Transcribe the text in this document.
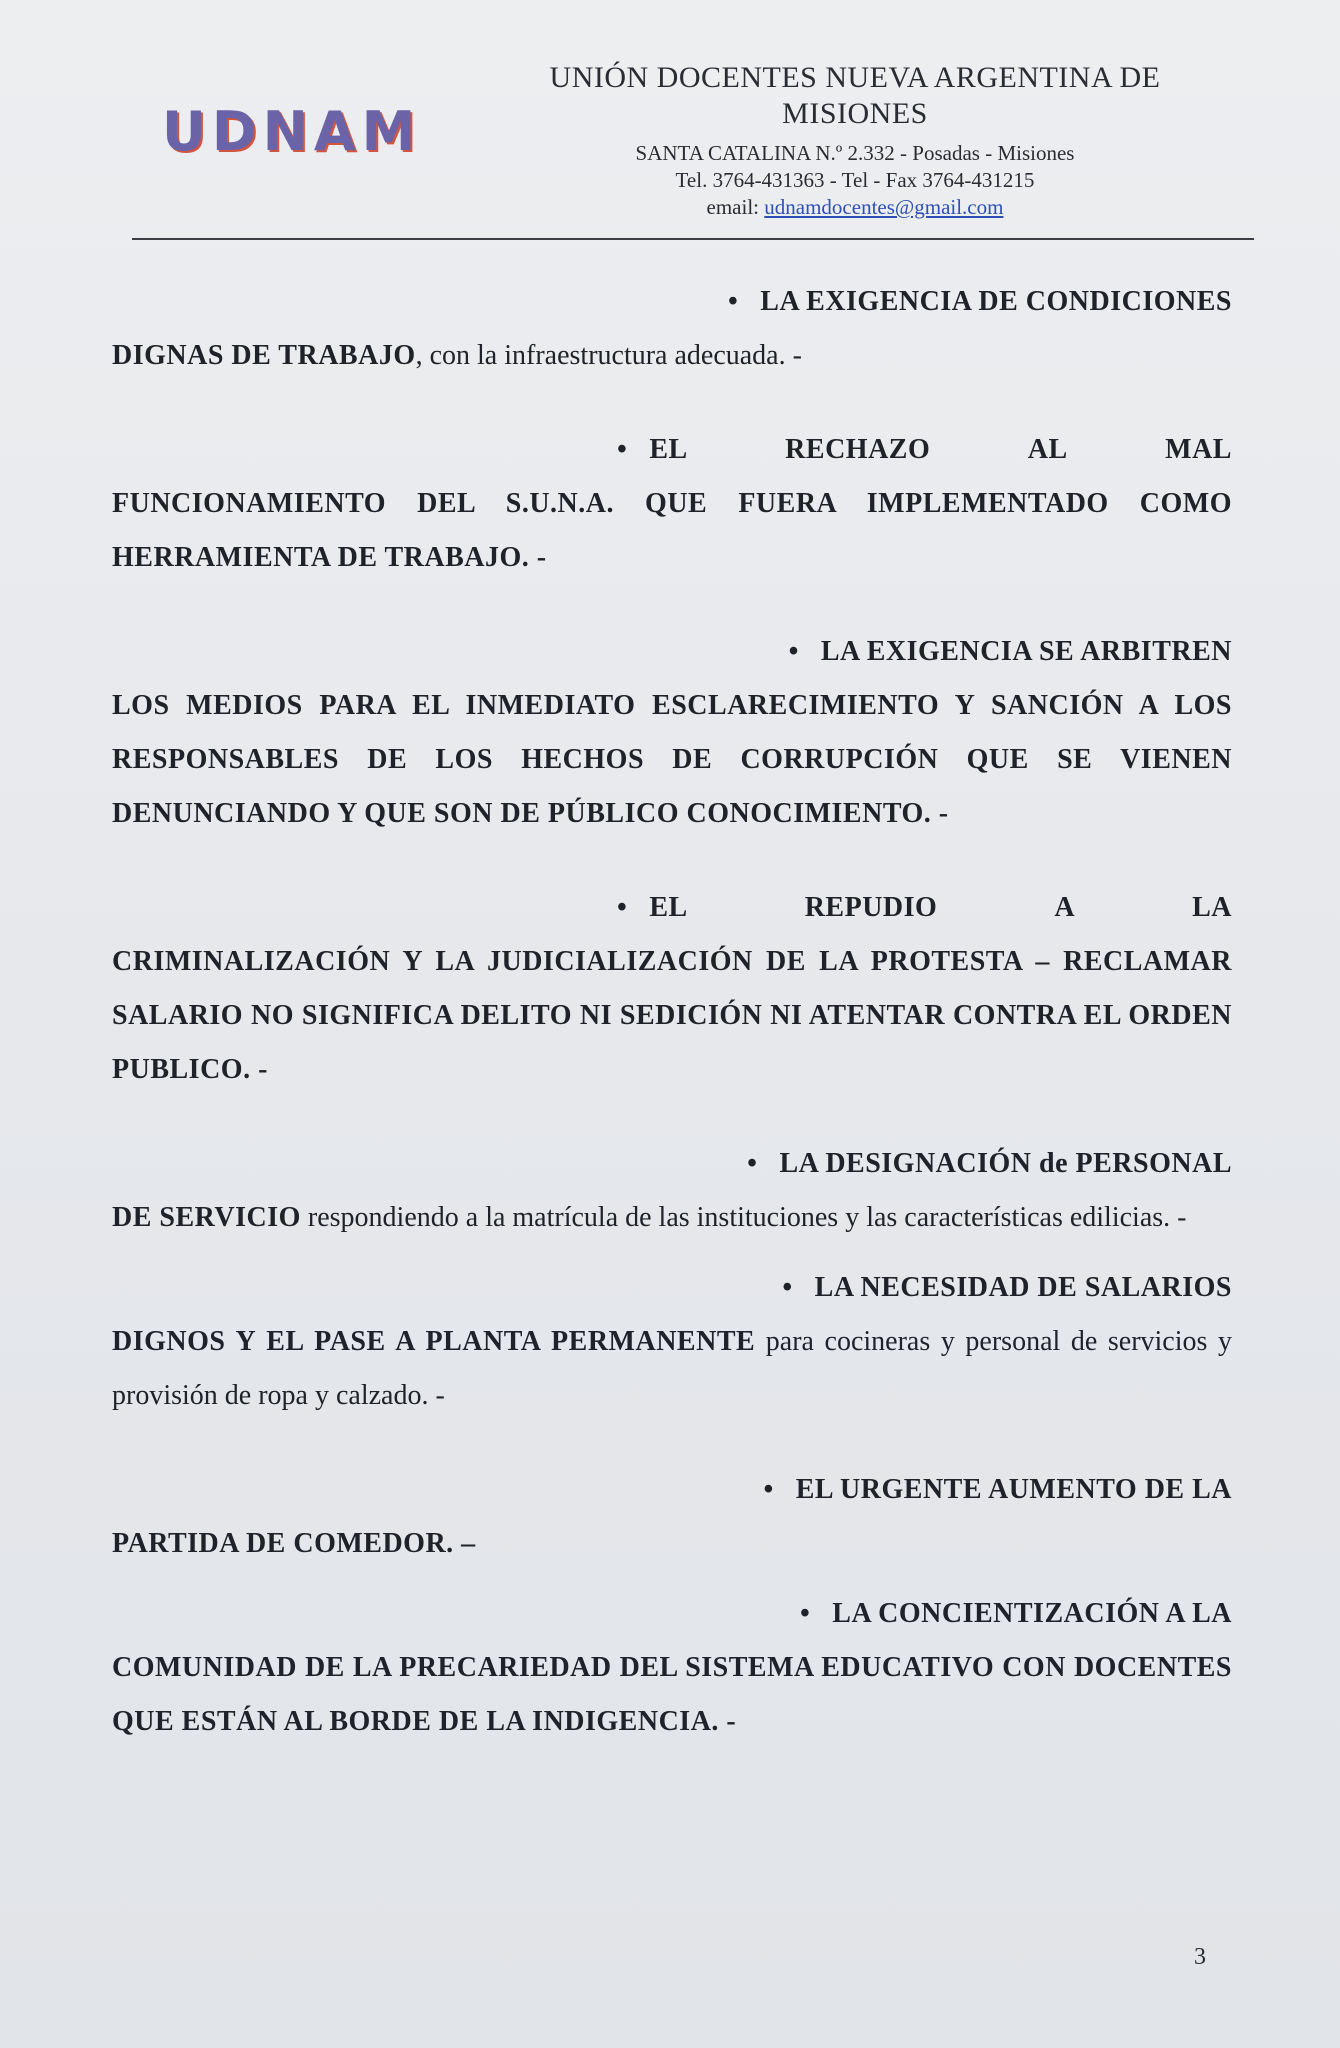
UDNAM
UNIÓN DOCENTES NUEVA ARGENTINA DE MISIONES
SANTA CATALINA N.º 2.332 - Posadas - Misiones
Tel. 3764-431363 - Tel - Fax 3764-431215
email: udnamdocentes@gmail.com
• LA EXIGENCIA DE CONDICIONES
DIGNAS DE TRABAJO, con la infraestructura adecuada. -
• EL	RECHAZO	AL	MAL
FUNCIONAMIENTO DEL S.U.N.A. QUE FUERA IMPLEMENTADO COMO HERRAMIENTA DE TRABAJO. -
• LA EXIGENCIA SE ARBITREN
LOS MEDIOS PARA EL INMEDIATO ESCLARECIMIENTO Y SANCIÓN A LOS RESPONSABLES DE LOS HECHOS DE CORRUPCIÓN QUE SE VIENEN DENUNCIANDO Y QUE SON DE PÚBLICO CONOCIMIENTO. -
• EL	REPUDIO	A	LA
CRIMINALIZACIÓN Y LA JUDICIALIZACIÓN DE LA PROTESTA – RECLAMAR SALARIO NO SIGNIFICA DELITO NI SEDICIÓN NI ATENTAR CONTRA EL ORDEN PUBLICO. -
• LA DESIGNACIÓN de PERSONAL
DE SERVICIO respondiendo a la matrícula de las instituciones y las características edilicias. -
• LA NECESIDAD DE SALARIOS
DIGNOS Y EL PASE A PLANTA PERMANENTE para cocineras y personal de servicios y provisión de ropa y calzado. -
• EL URGENTE AUMENTO DE LA
PARTIDA DE COMEDOR. –
• LA CONCIENTIZACIÓN A LA
COMUNIDAD DE LA PRECARIEDAD DEL SISTEMA EDUCATIVO CON DOCENTES QUE ESTÁN AL BORDE DE LA INDIGENCIA. -
3
